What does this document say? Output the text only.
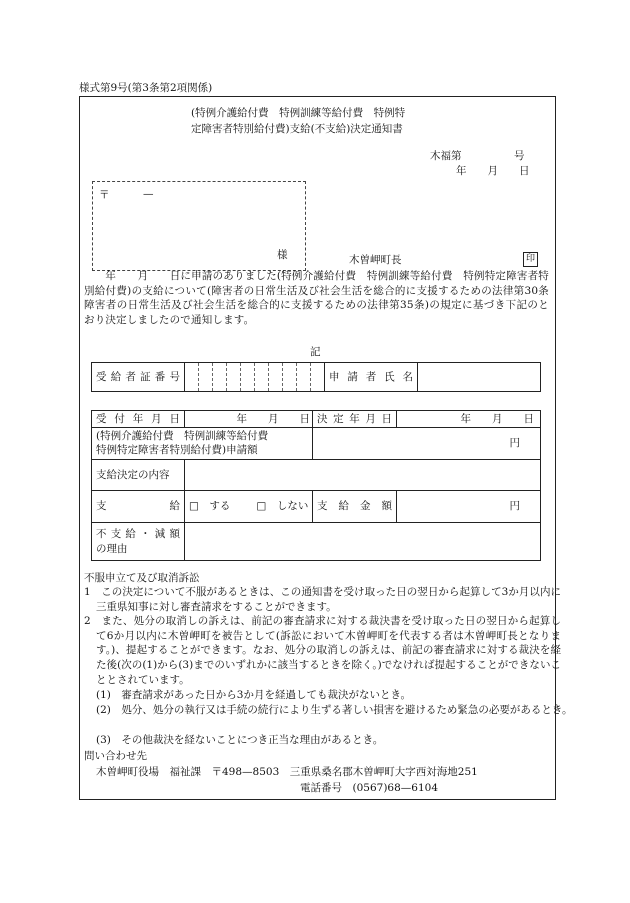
様式第9号(第3条第2項関係)
(特例介護給付費　特例訓練等給付費　特例特
定障害者特別給付費)支給(不支給)決定通知書
木福第　　　　　号
年　　月　　日
〒	—
様	木曽岬町長	印
　　年　　月　　日に申請のありました(特例介護給付費　特例訓練等給付費　特例特定障害者特別給付費)の支給について(障害者の日常生活及び社会生活を総合的に支援するための法律第30条　障害者の日常生活及び社会生活を総合的に支援するための法律第35条)の規定に基づき下記のとおり決定しましたので通知します。
記
受給者証番号											申請者氏名

受付年月日	年　　月　　日	決定年月日	年　　月　　日

(特例介護給付費　特例訓練等給付費
特例特定障害者特別給付費)申請額		円	
支給決定の内容			

支　　　給	□　する □　しない	支給金額	円

不支給・減額
の理由			

不服申立て及び取消訴訟
1　この決定について不服があるときは、この通知書を受け取った日の翌日から起算して3か月以内に三重県知事に対し審査請求をすることができます。
2　また、処分の取消しの訴えは、前記の審査請求に対する裁決書を受け取った日の翌日から起算して6か月以内に木曽岬町を被告として(訴訟において木曽岬町を代表する者は木曽岬町長となります。)、提起することができます。なお、処分の取消しの訴えは、前記の審査請求に対する裁決を経た後(次の(1)から(3)までのいずれかに該当するときを除く。)でなければ提起することができないこととされています。
(1)　審査請求があった日から3か月を経過しても裁決がないとき。
(2)　処分、処分の執行又は手続の続行により生ずる著しい損害を避けるため緊急の必要があるとき。
(3)　その他裁決を経ないことにつき正当な理由があるとき。
問い合わせ先
木曽岬町役場　福祉課　〒498—8503　三重県桑名郡木曽岬町大字西対海地251
電話番号　(0567)68—6104
